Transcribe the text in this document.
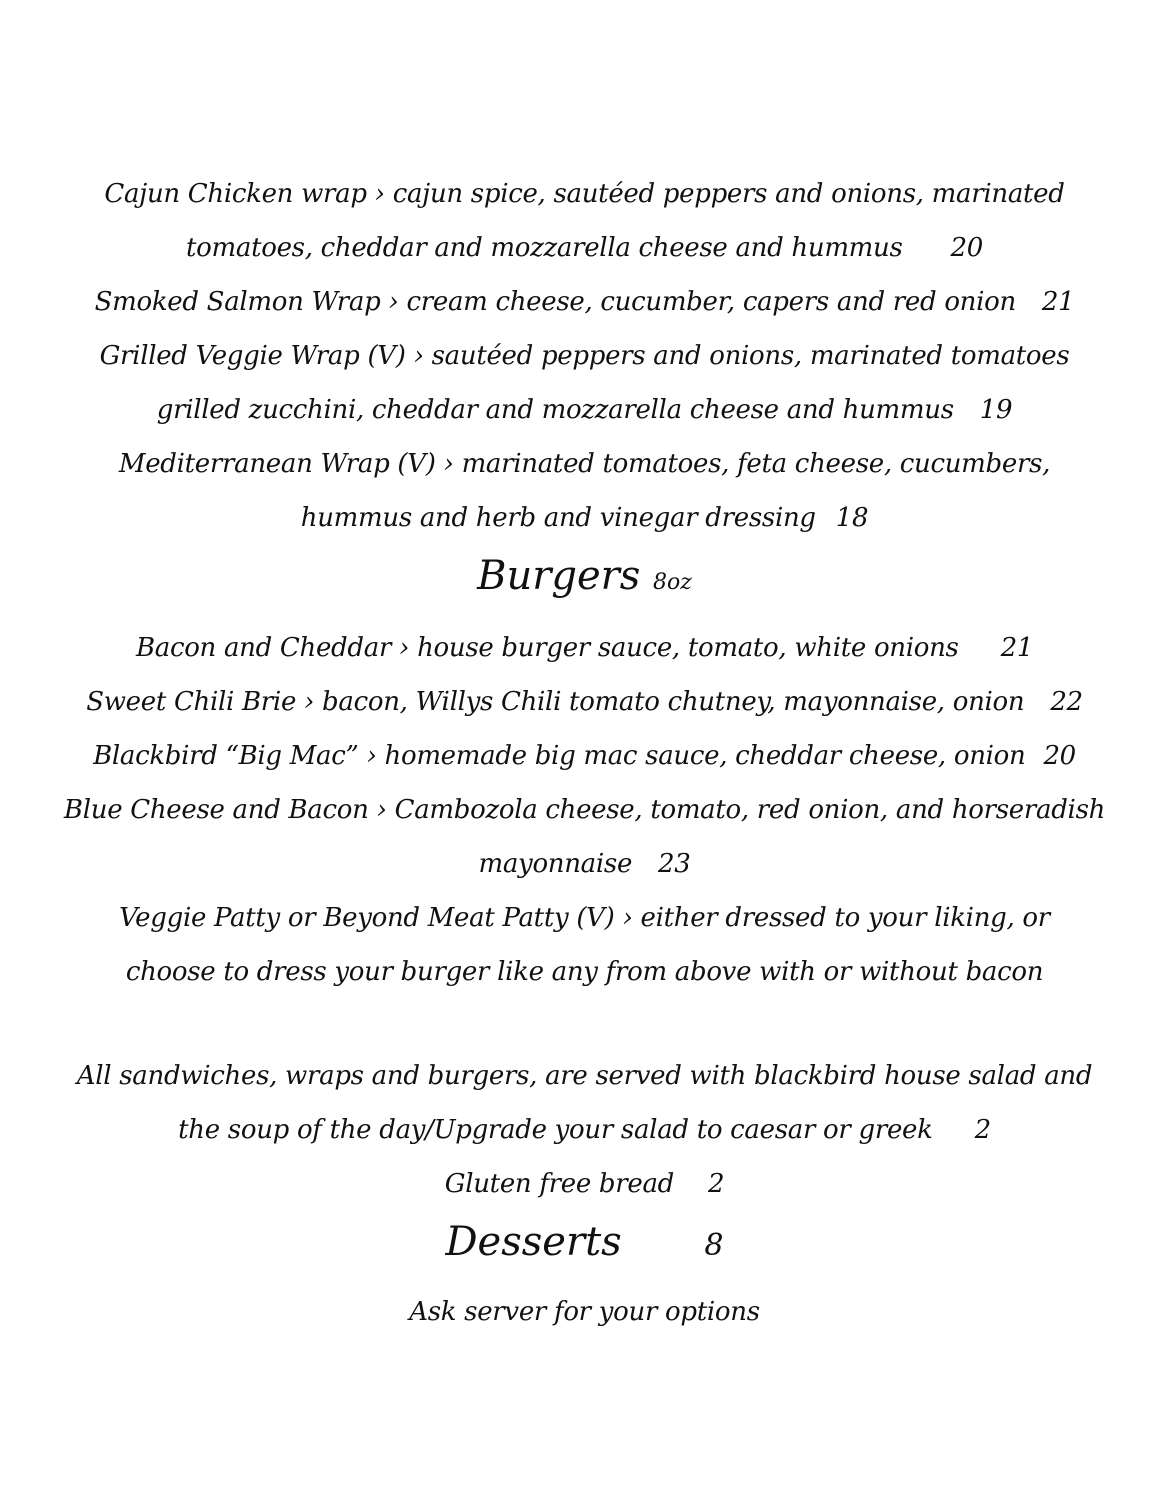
Cajun Chicken wrap › cajun spice, sautéed peppers and onions, marinated
tomatoes, cheddar and mozzarella cheese and hummus 20
Smoked Salmon Wrap › cream cheese, cucumber, capers and red onion 21
Grilled Veggie Wrap (V) › sautéed peppers and onions, marinated tomatoes
grilled zucchini, cheddar and mozzarella cheese and hummus 19
Mediterranean Wrap (V) › marinated tomatoes, feta cheese, cucumbers,
hummus and herb and vinegar dressing 18
Burgers 8oz
Bacon and Cheddar › house burger sauce, tomato, white onions 21
Sweet Chili Brie › bacon, Willys Chili tomato chutney, mayonnaise, onion 22
Blackbird “Big Mac” › homemade big mac sauce, cheddar cheese, onion 20
Blue Cheese and Bacon › Cambozola cheese, tomato, red onion, and horseradish
mayonnaise 23
Veggie Patty or Beyond Meat Patty (V) › either dressed to your liking, or
choose to dress your burger like any from above with or without bacon
All sandwiches, wraps and burgers, are served with blackbird house salad and
the soup of the day/Upgrade your salad to caesar or greek 2
Gluten free bread 2
Desserts	8
Ask server for your options
